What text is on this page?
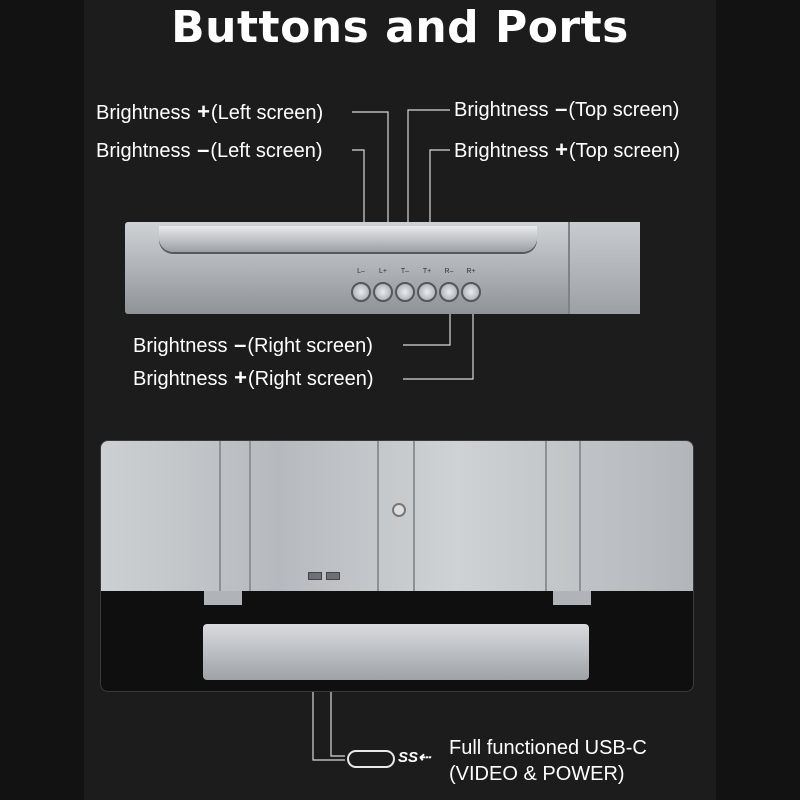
Buttons and Ports
Brightness +(Left screen)
Brightness –(Left screen)
Brightness –(Top screen)
Brightness +(Top screen)
Brightness –(Right screen)
Brightness +(Right screen)
L–	L+	T–	T+	R–	R+
SS⇠ Full functioned USB-C
(VIDEO & POWER)
